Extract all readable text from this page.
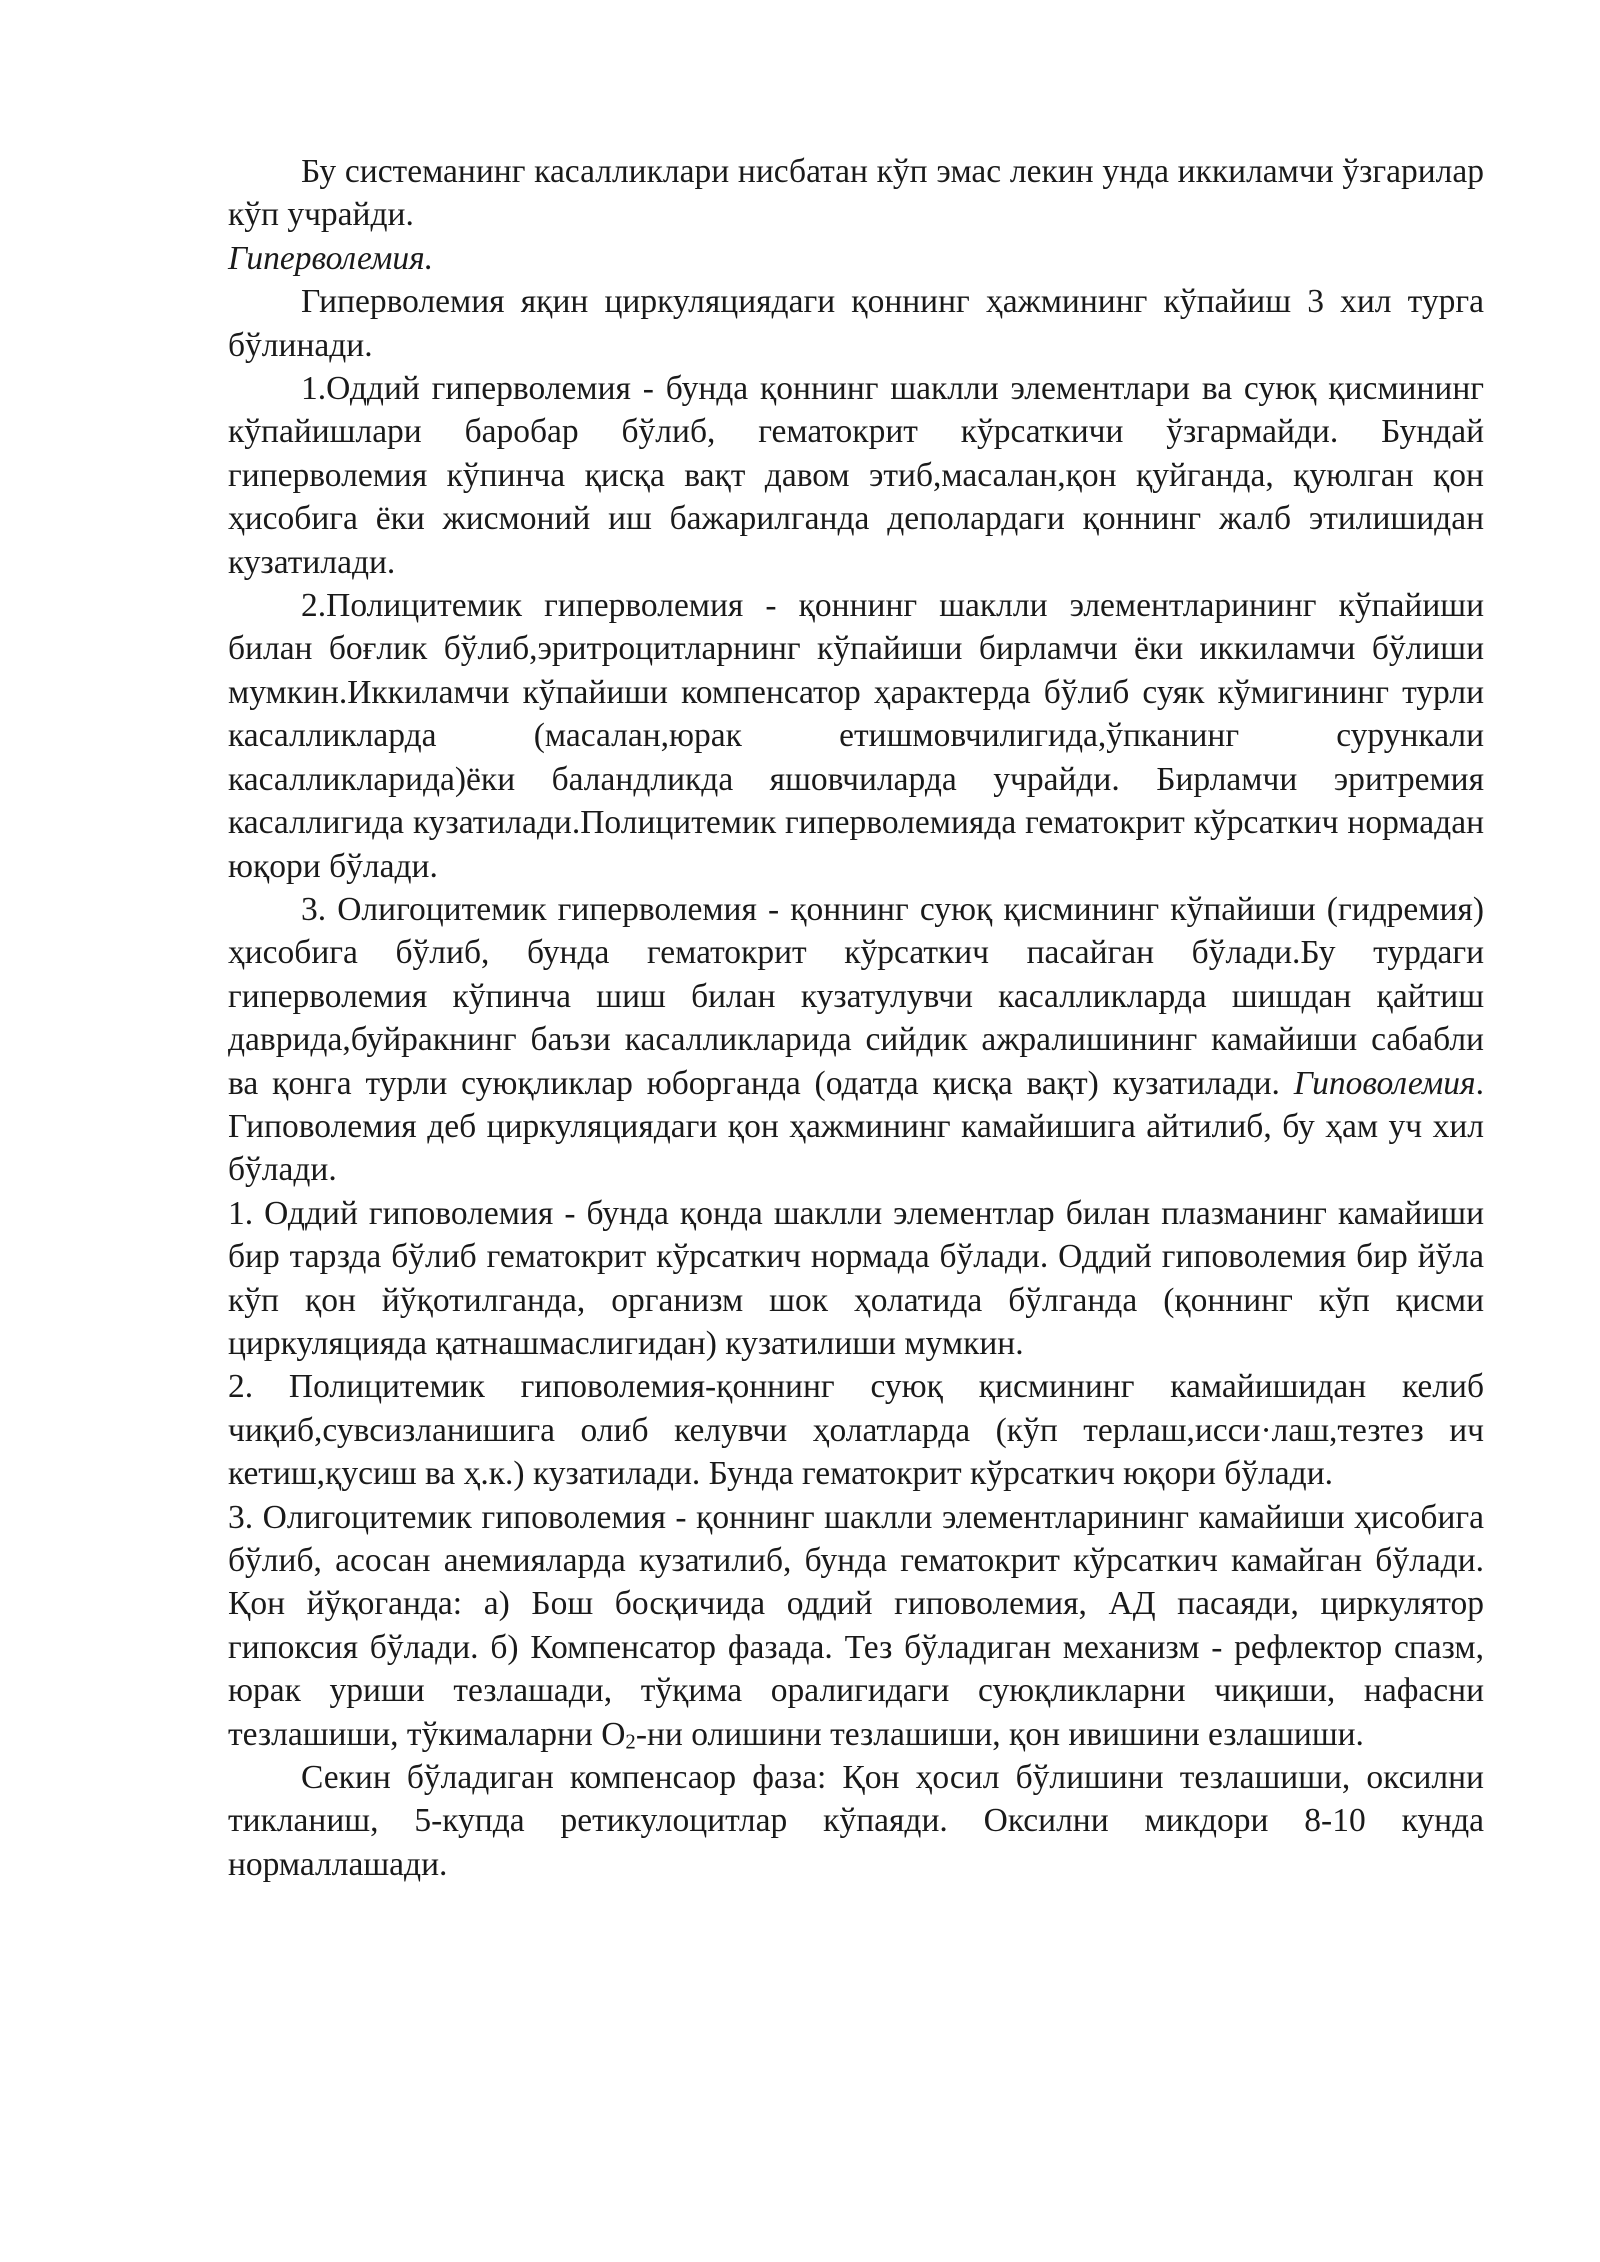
Бу системанинг касалликлари нисбатан кўп эмас лекин унда иккиламчи ўзгарилар кўп учрайди.

Гиперволемия.

Гиперволемия яқин циркуляциядаги қоннинг ҳажмининг кўпайиш 3 хил турга бўлинади.

1.Оддий гиперволемия - бунда қоннинг шаклли элементлари ва суюқ қисмининг кўпайишлари баробар бўлиб, гематокрит кўрсаткичи ўзгармайди. Бундай гиперволемия кўпинча қисқа вақт давом этиб,масалан,қон қуйганда, қуюлган қон ҳисобига ёки жисмоний иш бажарилганда деполардаги қоннинг жалб этилишидан кузатилади.

2.Полицитемик гиперволемия - қоннинг шаклли элементларининг кўпайиши билан боғлик бўлиб,эритроцитларнинг кўпайиши бирламчи ёки иккиламчи бўлиши мумкин.Иккиламчи кўпайиши компенсатор ҳарактерда бўлиб суяк кўмигининг турли касалликларда (масалан,юрак етишмовчилигида,ўпканинг сурункали касалликларида)ёки баландликда яшовчиларда учрайди. Бирламчи эритремия касаллигида кузатилади.Полицитемик гиперволемияда гематокрит кўрсаткич нормадан юқори бўлади.

3. Олигоцитемик гиперволемия - қоннинг суюқ қисмининг кўпайиши (гидремия) ҳисобига бўлиб, бунда гематокрит кўрсаткич пасайган бўлади.Бу турдаги гиперволемия кўпинча шиш билан кузатулувчи касалликларда шишдан қайтиш даврида,буйракнинг баъзи касалликларида сийдик ажралишининг камайиши сабабли ва қонга турли суюқликлар юборганда (одатда қисқа вақт) кузатилади. Гиповолемия. Гиповолемия деб циркуляциядаги қон ҳажмининг камайишига айтилиб, бу ҳам уч хил бўлади.

1. Оддий гиповолемия - бунда қонда шаклли элементлар билан плазманинг камайиши бир тарзда бўлиб гематокрит кўрсаткич нормада бўлади. Оддий гиповолемия бир йўла кўп қон йўқотилганда, организм шок ҳолатида бўлганда (қоннинг кўп қисми циркуляцияда қатнашмаслигидан) кузатилиши мумкин.

2. Полицитемик гиповолемия-қоннинг суюқ қисмининг камайишидан келиб чиқиб,сувсизланишига олиб келувчи ҳолатларда (кўп терлаш,исси·лаш,тезтез ич кетиш,қусиш ва ҳ.к.) кузатилади. Бунда гематокрит кўрсаткич юқори бўлади.

3. Олигоцитемик гиповолемия - қоннинг шаклли элементларининг камайиши ҳисобига бўлиб, асосан анемияларда кузатилиб, бунда гематокрит кўрсаткич камайган бўлади. Қон йўқоганда: а) Бош босқичида оддий гиповолемия, АД пасаяди, циркулятор гипоксия бўлади. б) Компенсатор фазада. Тез бўладиган механизм - рефлектор спазм, юрак уриши тезлашади, тўқима оралигидаги суюқликларни чиқиши, нафасни тезлашиши, тўкималарни $О_2-ни$ олишини тезлашиши, қон ивишини езлашиши.

Секин бўладиган компенсаор фаза: Қон ҳосил бўлишини тезлашиши, оксилни тикланиш, 5-купда ретикулоцитлар кўпаяди. Оксилни микдори 8-10 кунда нормаллашади.
